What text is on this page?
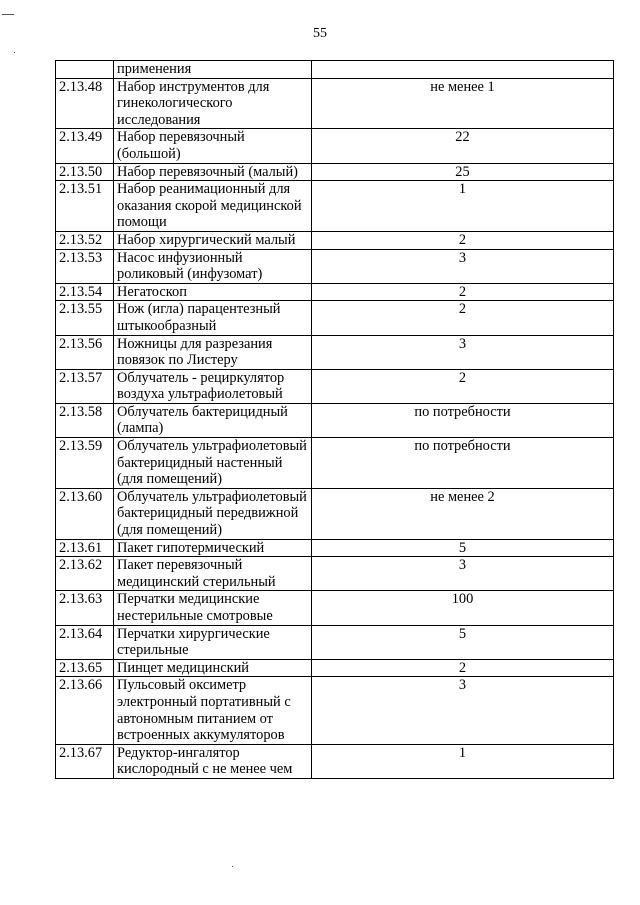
55
	применения	
2.13.48	Набор инструментов для гинекологического исследования	не менее 1
2.13.49	Набор перевязочный (большой)	22
2.13.50	Набор перевязочный (малый)	25
2.13.51	Набор реанимационный для оказания скорой медицинской помощи	1
2.13.52	Набор хирургический малый	2
2.13.53	Насос инфузионный роликовый (инфузомат)	3
2.13.54	Негатоскоп	2
2.13.55	Нож (игла) парацентезный штыкообразный	2
2.13.56	Ножницы для разрезания повязок по Листеру	3
2.13.57	Облучатель - рециркулятор воздуха ультрафиолетовый	2
2.13.58	Облучатель бактерицидный (лампа)	по потребности
2.13.59	Облучатель ультрафиолетовый бактерицидный настенный (для помещений)	по потребности
2.13.60	Облучатель ультрафиолетовый бактерицидный передвижной (для помещений)	не менее 2
2.13.61	Пакет гипотермический	5
2.13.62	Пакет перевязочный медицинский стерильный	3
2.13.63	Перчатки медицинские нестерильные смотровые	100
2.13.64	Перчатки хирургические стерильные	5
2.13.65	Пинцет медицинский	2
2.13.66	Пульсовый оксиметр электронный портативный с автономным питанием от встроенных аккумуляторов	3
2.13.67	Редуктор-ингалятор кислородный с не менее чем	1
